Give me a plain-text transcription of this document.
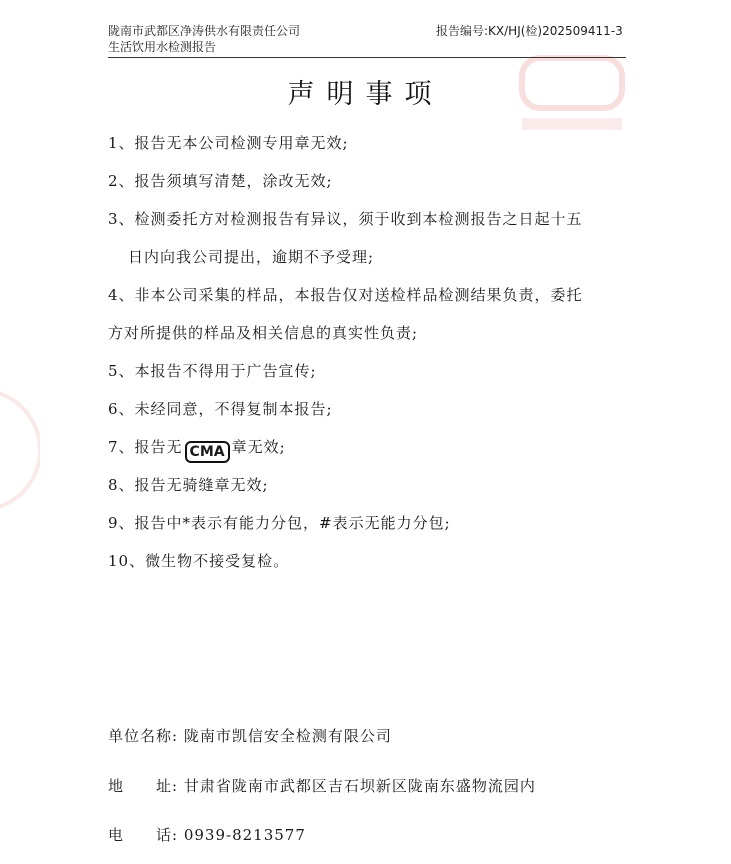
陇南市武都区净涛供水有限责任公司
生活饮用水检测报告
报告编号:KX/HJ(检)202509411-3
声明事项
1、报告无本公司检测专用章无效;
2、报告须填写清楚，涂改无效;
3、检测委托方对检测报告有异议，须于收到本检测报告之日起十五
日内向我公司提出，逾期不予受理;
4、非本公司采集的样品，本报告仅对送检样品检测结果负责，委托
方对所提供的样品及相关信息的真实性负责;
5、本报告不得用于广告宣传;
6、未经同意，不得复制本报告;
7、报告无 CMA 章无效;
8、报告无骑缝章无效;
9、报告中*表示有能力分包，#表示无能力分包;
10、微生物不接受复检。
单位名称: 陇南市凯信安全检测有限公司
地　　址: 甘肃省陇南市武都区吉石坝新区陇南东盛物流园内
电　　话: 0939-8213577
